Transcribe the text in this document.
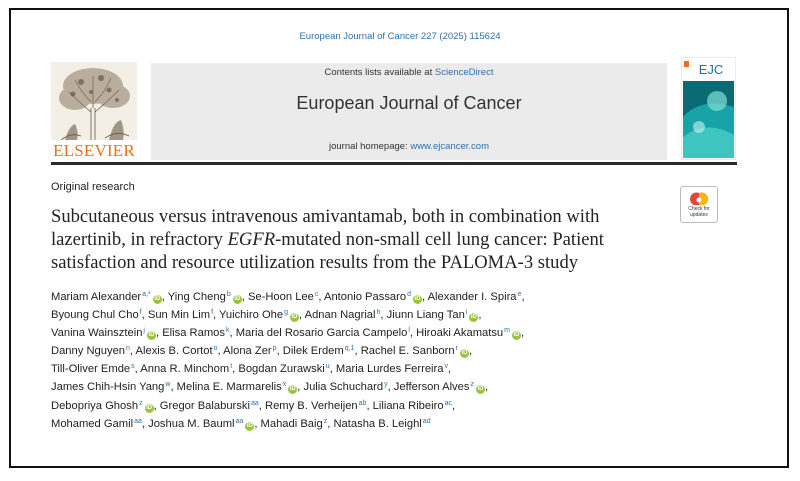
European Journal of Cancer 227 (2025) 115624
ELSEVIER
Contents lists available at ScienceDirect
European Journal of Cancer
journal homepage: www.ejcancer.com
EJC
Original research
Check for
updates

Subcutaneous versus intravenous amivantamab, both in combination with

lazertinib, in refractory EGFR-mutated non-small cell lung cancer: Patient

satisfaction and resource utilization results from the PALOMA-3 study

Mariam Alexander$^{a,*}$iD , Ying Cheng$^b$iD , Se-Hoon Lee$^c$, Antonio Passaro$^d$iD , Alexander I. Spira$^e$,

Byoung Chul Cho$^f$, Sun Min Lim$^f$, Yuichiro Ohe$^g$iD , Adnan Nagrial$^h$, Jiunn Liang Tan$^i$iD ,

Vanina Wainsztein$^j$iD , Elisa Ramos$^k$, Maria del Rosario Garcia Campelo$^l$, Hiroaki Akamatsu$^m$iD ,

Danny Nguyen$^n$, Alexis B. Cortot$^o$, Alona Zer$^p$, Dilek Erdem$^{q,1}$, Rachel E. Sanborn$^r$iD ,

Till-Oliver Emde$^s$, Anna R. Minchom$^t$, Bogdan Zurawski$^u$, Maria Lurdes Ferreira$^v$,

James Chih-Hsin Yang$^w$, Melina E. Marmarelis$^x$iD , Julia Schuchard$^y$, Jefferson Alves$^z$iD ,

Debopriya Ghosh$^z$iD , Gregor Balaburski$^{aa}$, Remy B. Verheijen$^{ab}$, Liliana Ribeiro$^{ac}$,

Mohamed Gamil$^{aa}$, Joshua M. Bauml$^{aa}$iD , Mahadi Baig$^z$, Natasha B. Leighl$^{ad}$
